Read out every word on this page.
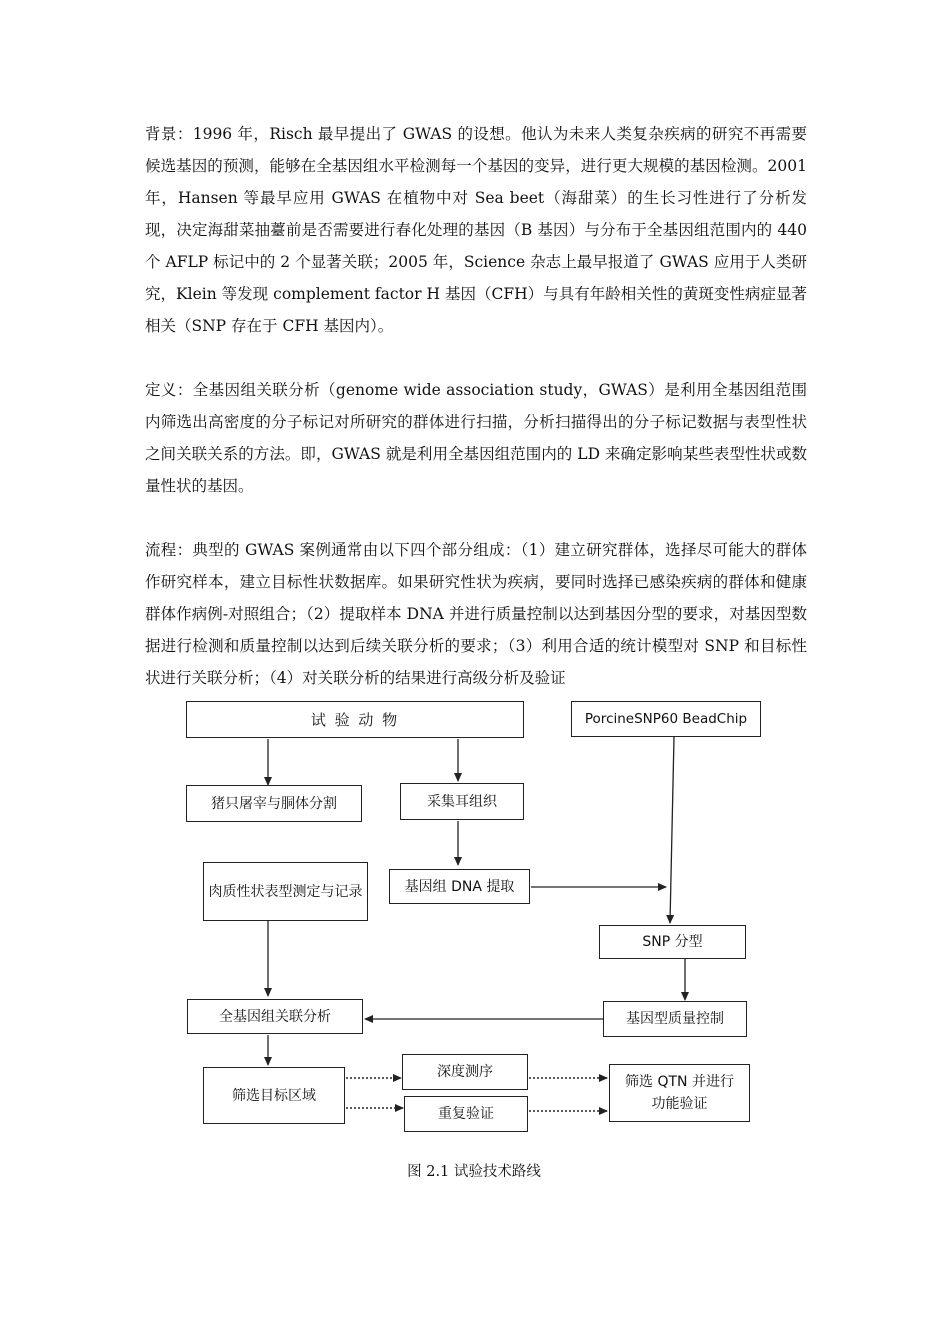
背景：1996 年，Risch 最早提出了 GWAS 的设想。他认为未来人类复杂疾病的研究不再需要候选基因的预测，能够在全基因组水平检测每一个基因的变异，进行更大规模的基因检测。2001 年，Hansen 等最早应用 GWAS 在植物中对 Sea beet（海甜菜）的生长习性进行了分析发现，决定海甜菜抽薹前是否需要进行春化处理的基因（B 基因）与分布于全基因组范围内的 440 个 AFLP 标记中的 2 个显著关联；2005 年，Science 杂志上最早报道了 GWAS 应用于人类研究，Klein 等发现 complement factor H 基因（CFH）与具有年龄相关性的黄斑变性病症显著相关（SNP 存在于 CFH 基因内）。

定义：全基因组关联分析（genome wide association study，GWAS）是利用全基因组范围内筛选出高密度的分子标记对所研究的群体进行扫描，分析扫描得出的分子标记数据与表型性状之间关联关系的方法。即，GWAS 就是利用全基因组范围内的 LD 来确定影响某些表型性状或数量性状的基因。

流程：典型的 GWAS 案例通常由以下四个部分组成：（1）建立研究群体，选择尽可能大的群体作研究样本，建立目标性状数据库。如果研究性状为疾病，要同时选择已感染疾病的群体和健康群体作病例-对照组合；（2）提取样本 DNA 并进行质量控制以达到基因分型的要求，对基因型数据进行检测和质量控制以达到后续关联分析的要求；（3）利用合适的统计模型对 SNP 和目标性状进行关联分析；（4）对关联分析的结果进行高级分析及验证

试 验 动 物	PorcineSNP60 BeadChip
猪只屠宰与胴体分割	采集耳组织
肉质性状表型测定与记录	基因组 DNA 提取
SNP 分型
全基因组关联分析	基因型质量控制
筛选目标区域
深度测序
重复验证
筛选 QTN 并进行功能验证
图 2.1 试验技术路线
